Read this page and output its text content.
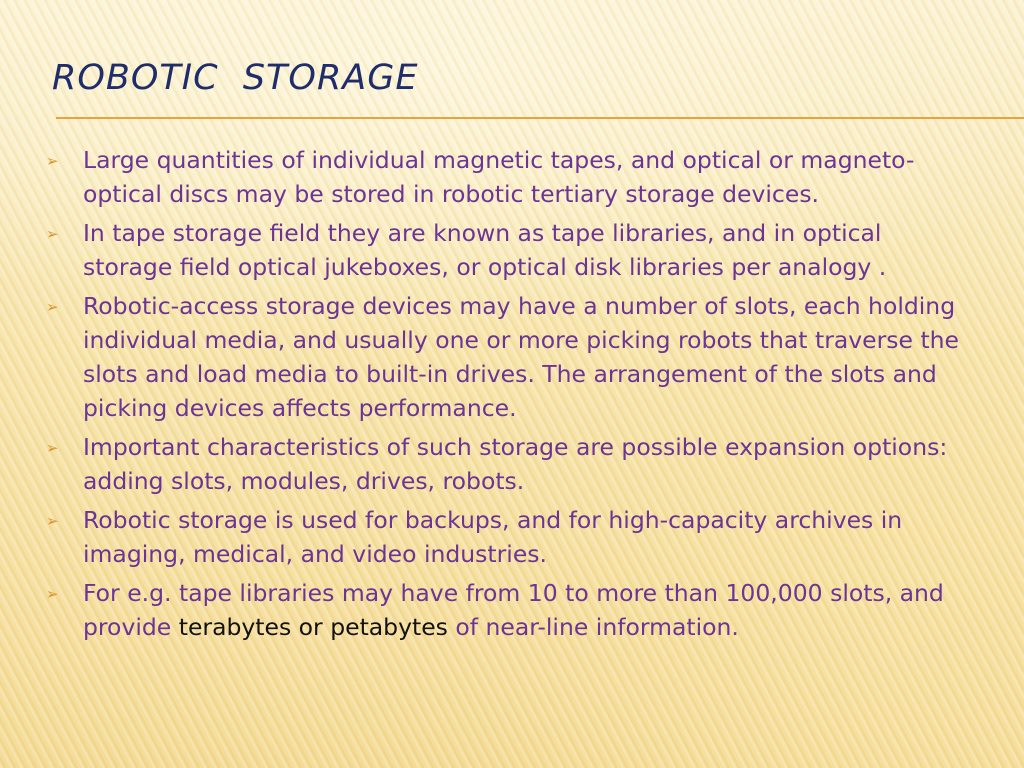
ROBOTIC  STORAGE
➢ Large quantities of individual magnetic tapes, and optical or magneto-optical discs may be stored in robotic tertiary storage devices.
➢ In tape storage field they are known as tape libraries, and in optical storage field optical jukeboxes, or optical disk libraries per analogy .
➢ Robotic-access storage devices may have a number of slots, each holding individual media, and usually one or more picking robots that traverse the slots and load media to built-in drives. The arrangement of the slots and picking devices affects performance.
➢ Important characteristics of such storage are possible expansion options: adding slots, modules, drives, robots.
➢ Robotic storage is used for backups, and for high-capacity archives in imaging, medical, and video industries.
➢ For e.g. tape libraries may have from 10 to more than 100,000 slots, and provide terabytes or petabytes of near-line information.
